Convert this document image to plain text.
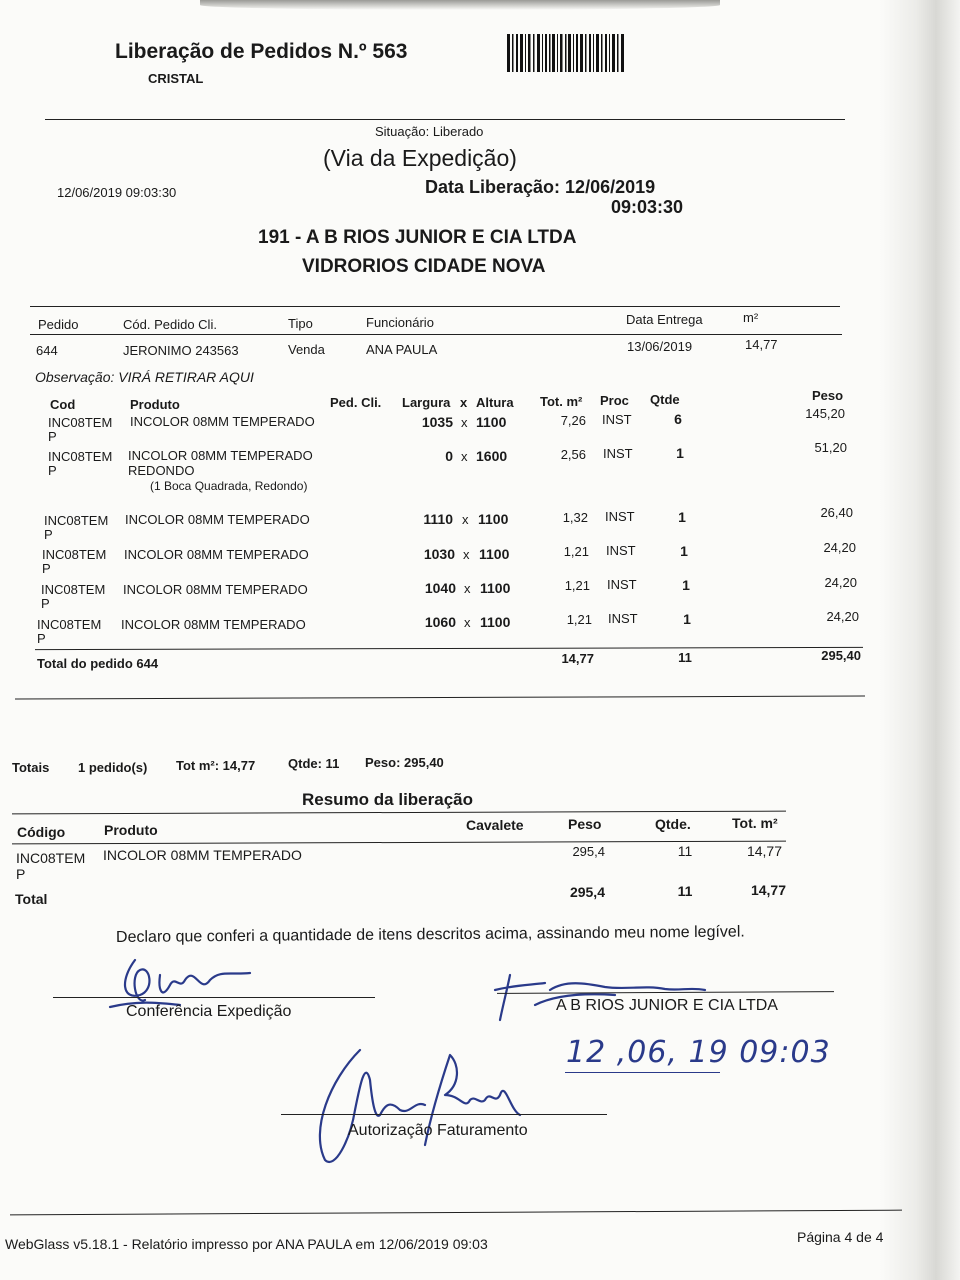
Liberação de Pedidos N.º 563
CRISTAL
Situação: Liberado
(Via da Expedição)
12/06/2019 09:03:30	Data Liberação: 12/06/2019
09:03:30
191 - A B RIOS JUNIOR E CIA LTDA
VIDRORIOS CIDADE NOVA
Pedido	Cód. Pedido Cli.	Tipo	Funcionário	Data Entrega	m²
644	JERONIMO 243563	Venda	ANA PAULA	13/06/2019	14,77
Observação: VIRÁ RETIRAR AQUI
Cod	Produto	Ped. Cli. Largura x Altura Tot. m² Proc Qtde	Peso
INC08TEM
P
INCOLOR 08MM TEMPERADO	1035 x 1100	7,26 INST	6	145,20
INC08TEM
P
INCOLOR 08MM TEMPERADO
REDONDO
(1 Boca Quadrada, Redondo)
0 x 1600	2,56 INST	1	51,20
INC08TEM
P
INCOLOR 08MM TEMPERADO	1110 x 1100	1,32 INST	1	26,40
INC08TEM
P
INCOLOR 08MM TEMPERADO	1030 x 1100	1,21 INST	1	24,20
INC08TEM
P
INCOLOR 08MM TEMPERADO	1040 x 1100	1,21 INST	1	24,20
INC08TEM
P
INCOLOR 08MM TEMPERADO	1060 x 1100	1,21 INST	1	24,20
Total do pedido 644	14,77	11	295,40
Totais 1 pedido(s) Tot m²: 14,77	Qtde: 11 Peso: 295,40
Resumo da liberação
Código	Produto	Cavalete	Peso	Qtde.	Tot. m²
INC08TEM
P
INCOLOR 08MM TEMPERADO	295,4	11	14,77
Total	295,4	11	14,77
Declaro que conferi a quantidade de itens descritos acima, assinando meu nome legível.
Conferência Expedição	A B RIOS JUNIOR E CIA LTDA
12 ,06, 19 09:03
Autorização Faturamento
WebGlass v5.18.1 - Relatório impresso por ANA PAULA em 12/06/2019 09:03	Página 4 de 4
